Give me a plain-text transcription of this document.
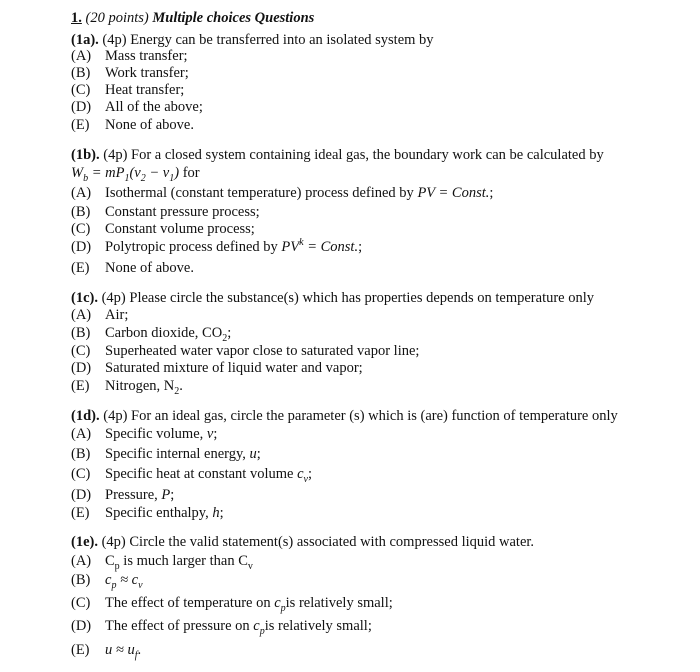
1. (20 points) Multiple choices Questions
(1a). (4p) Energy can be transferred into an isolated system by
(A) Mass transfer;
(B) Work transfer;
(C) Heat transfer;
(D) All of the above;
(E) None of above.
(1b). (4p) For a closed system containing ideal gas, the boundary work can be calculated by
$W_b = mP_1(v_2 - v_1)$ for
(A) Isothermal (constant temperature) process defined by PV = Const.;
(B) Constant pressure process;
(C) Constant volume process;
(D) Polytropic process defined by $PV^k$ = Const.;
(E) None of above.
(1c). (4p) Please circle the substance(s) which has properties depends on temperature only
(A) Air;
(B) Carbon dioxide, $CO_2$;
(C) Superheated water vapor close to saturated vapor line;
(D) Saturated mixture of liquid water and vapor;
(E) Nitrogen, $N_2$.
(1d). (4p) For an ideal gas, circle the parameter (s) which is (are) function of temperature only
(A) Specific volume, v;
(B) Specific internal energy, u;
(C) Specific heat at constant volume $c_v$;
(D) Pressure, P;
(E) Specific enthalpy, h;
(1e). (4p) Circle the valid statement(s) associated with compressed liquid water.
(A) $C_p$ is much larger than $C_v$
(B) $c_p \approx c_v$
(C) The effect of temperature on $c_pis$ relatively small;
(D) The effect of pressure on $c_pis$ relatively small;
(E) $u \approx u_f$.
